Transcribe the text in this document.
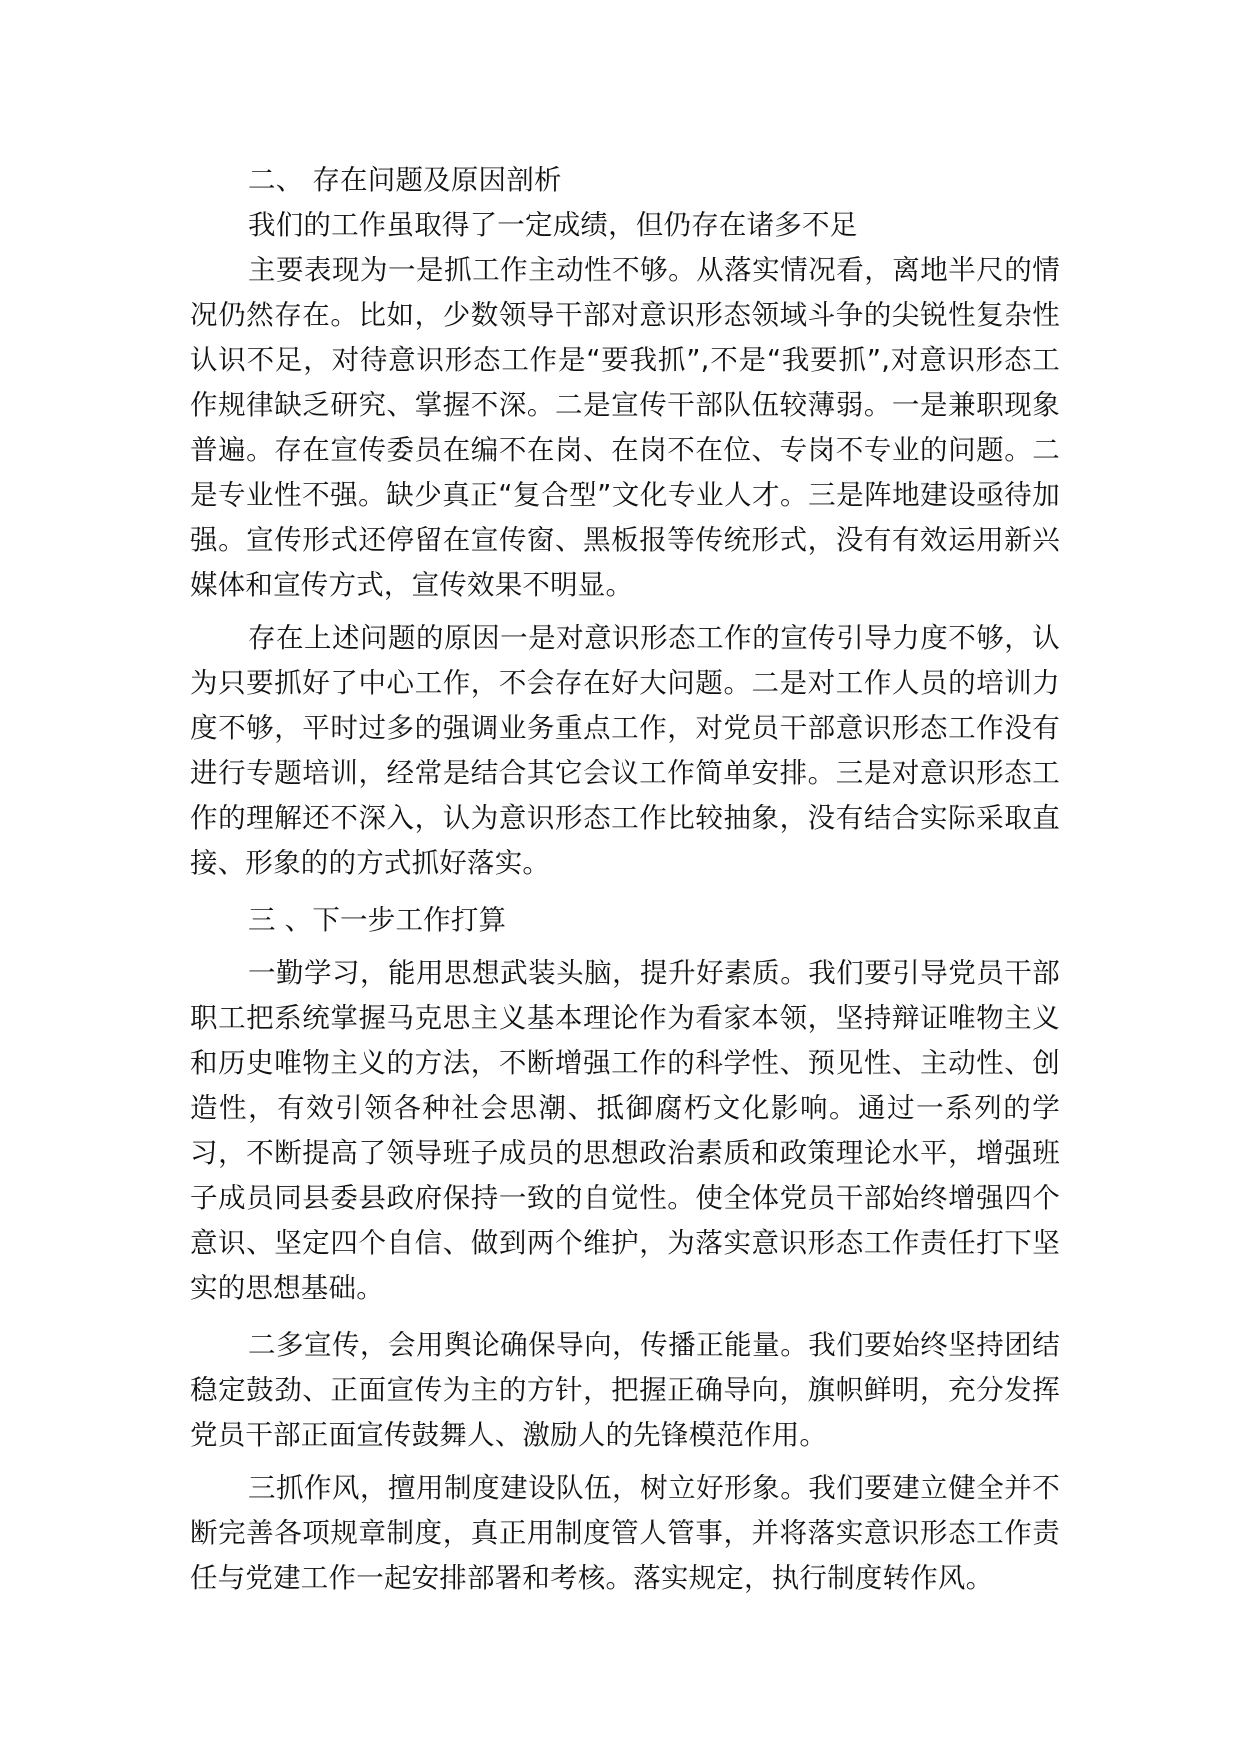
二、 存在问题及原因剖析

我们的工作虽取得了一定成绩，但仍存在诸多不足

主要表现为一是抓工作主动性不够。从落实情况看，离地半尺的情况仍然存在。比如，少数领导干部对意识形态领域斗争的尖锐性复杂性认识不足，对待意识形态工作是“要我抓”,不是“我要抓”,对意识形态工作规律缺乏研究、掌握不深。二是宣传干部队伍较薄弱。一是兼职现象普遍。存在宣传委员在编不在岗、在岗不在位、专岗不专业的问题。二是专业性不强。缺少真正“复合型”文化专业人才。三是阵地建设亟待加强。宣传形式还停留在宣传窗、黑板报等传统形式，没有有效运用新兴媒体和宣传方式，宣传效果不明显。

存在上述问题的原因一是对意识形态工作的宣传引导力度不够，认为只要抓好了中心工作，不会存在好大问题。二是对工作人员的培训力度不够，平时过多的强调业务重点工作，对党员干部意识形态工作没有进行专题培训，经常是结合其它会议工作简单安排。三是对意识形态工作的理解还不深入，认为意识形态工作比较抽象，没有结合实际采取直接、形象的的方式抓好落实。

三 、下一步工作打算

一勤学习，能用思想武装头脑，提升好素质。我们要引导党员干部职工把系统掌握马克思主义基本理论作为看家本领，坚持辩证唯物主义和历史唯物主义的方法，不断增强工作的科学性、预见性、主动性、创造性，有效引领各种社会思潮、抵御腐朽文化影响。通过一系列的学习，不断提高了领导班子成员的思想政治素质和政策理论水平，增强班子成员同县委县政府保持一致的自觉性。使全体党员干部始终增强四个意识、坚定四个自信、做到两个维护，为落实意识形态工作责任打下坚实的思想基础。

二多宣传，会用舆论确保导向，传播正能量。我们要始终坚持团结稳定鼓劲、正面宣传为主的方针，把握正确导向，旗帜鲜明，充分发挥党员干部正面宣传鼓舞人、激励人的先锋模范作用。

三抓作风，擅用制度建设队伍，树立好形象。我们要建立健全并不断完善各项规章制度，真正用制度管人管事，并将落实意识形态工作责任与党建工作一起安排部署和考核。落实规定，执行制度转作风。
